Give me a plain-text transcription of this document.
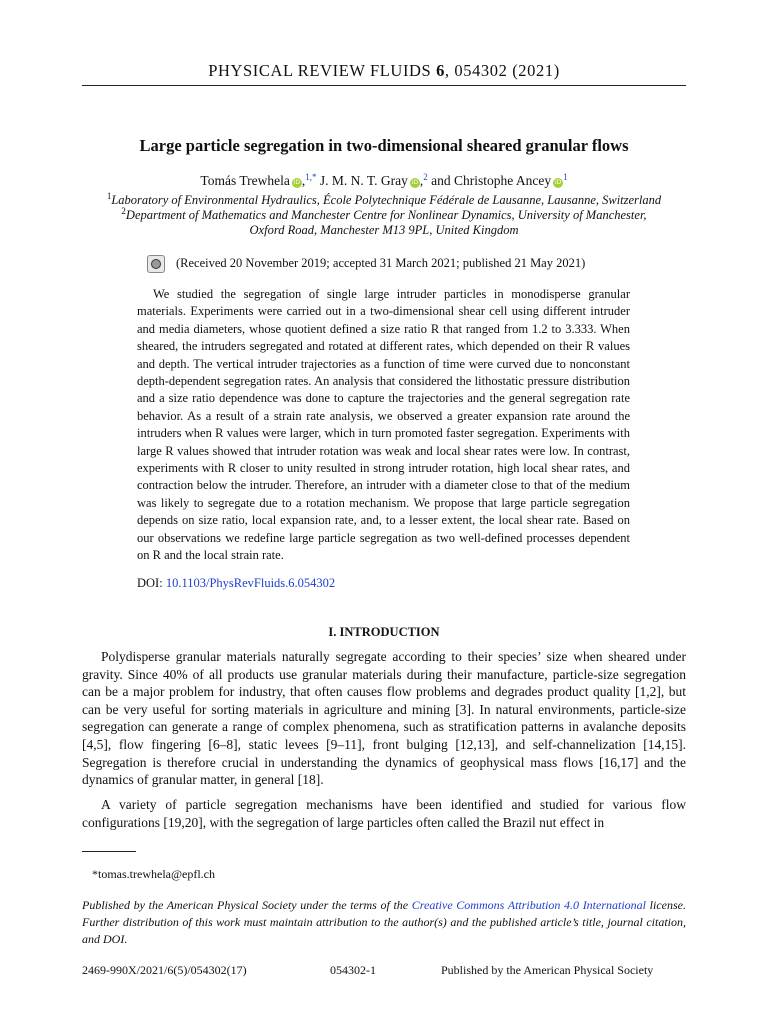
PHYSICAL REVIEW FLUIDS 6, 054302 (2021)
Large particle segregation in two-dimensional sheared granular flows
Tomás Trewhela iD ,$^{1,*}$ J. M. N. T. Gray iD ,$^2$ and Christophe Ancey $iD^1$
$^1$Laboratory of Environmental Hydraulics, École Polytechnique Fédérale de Lausanne, Lausanne, Switzerland
$^2$Department of Mathematics and Manchester Centre for Nonlinear Dynamics, University of Manchester,
Oxford Road, Manchester M13 9PL, United Kingdom
(Received 20 November 2019; accepted 31 March 2021; published 21 May 2021)

We studied the segregation of single large intruder particles in monodisperse granular materials. Experiments were carried out in a two-dimensional shear cell using different intruder and media diameters, whose quotient defined a size ratio R that ranged from 1.2 to 3.333. When sheared, the intruders segregated and rotated at different rates, which depended on their R values and depth. The vertical intruder trajectories as a function of time were curved due to nonconstant depth-dependent segregation rates. An analysis that considered the lithostatic pressure distribution and a size ratio dependence was done to capture the trajectories and the general segregation rate behavior. As a result of a strain rate analysis, we observed a greater expansion rate around the intruders when R values were larger, which in turn promoted faster segregation. Experiments with large R values showed that intruder rotation was weak and local shear rates were low. In contrast, experiments with R closer to unity resulted in strong intruder rotation, high local shear rates, and contraction below the intruder. Therefore, an intruder with a diameter close to that of the medium was likely to segregate due to a rotation mechanism. We propose that large particle segregation depends on size ratio, local expansion rate, and, to a lesser extent, the local shear rate. Based on our observations we redefine large particle segregation as two well-defined processes dependent on R and the local strain rate.

DOI: 10.1103/PhysRevFluids.6.054302
I. INTRODUCTION

Polydisperse granular materials naturally segregate according to their species’ size when sheared under gravity. Since 40% of all products use granular materials during their manufacture, particle-size segregation can be a major problem for industry, that often causes flow problems and degrades product quality [1,2], but can be very useful for sorting materials in agriculture and mining [3]. In natural environments, particle-size segregation can generate a range of complex phenomena, such as stratification patterns in avalanche deposits [4,5], flow fingering [6–8], static levees [9–11], front bulging [12,13], and self-channelization [14,15]. Segregation is therefore crucial in understanding the dynamics of geophysical mass flows [16,17] and the dynamics of granular matter, in general [18].

A variety of particle segregation mechanisms have been identified and studied for various flow configurations [19,20], with the segregation of large particles often called the Brazil nut effect in

*tomas.trewhela@epfl.ch

Published by the American Physical Society under the terms of the Creative Commons Attribution 4.0 International license. Further distribution of this work must maintain attribution to the author(s) and the published article’s title, journal citation, and DOI.

2469-990X/2021/6(5)/054302(17)	054302-1	Published by the American Physical Society
